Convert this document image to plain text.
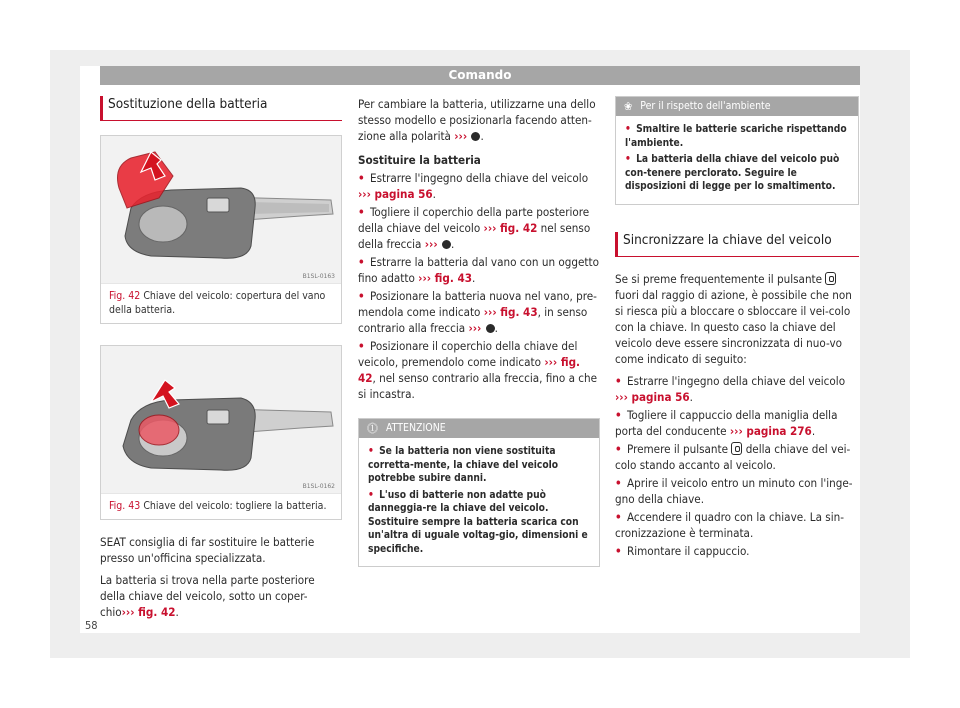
Comando
Sostituzione della batteria
B1SL-0163
Fig. 42 Chiave del veicolo: copertura del vano della batteria.
B1SL-0162
Fig. 43 Chiave del veicolo: togliere la batteria.

SEAT consiglia di far sostituire le batterie presso un'officina specializzata.

La batteria si trova nella parte posteriore della chiave del veicolo, sotto un coper-chio››› fig. 42.

Per cambiare la batteria, utilizzarne una dello stesso modello e posizionarla facendo atten-zione alla polarità ››› .

Sostituire la batteria

• Estrarre l'ingegno della chiave del veicolo ››› pagina 56.

• Togliere il coperchio della parte posteriore della chiave del veicolo ››› fig. 42 nel senso della freccia ››› .

• Estrarre la batteria dal vano con un oggetto fino adatto ››› fig. 43.

• Posizionare la batteria nuova nel vano, pre-mendola come indicato ››› fig. 43, in senso contrario alla freccia ››› .

• Posizionare il coperchio della chiave del veicolo, premendolo come indicato ››› fig. 42, nel senso contrario alla freccia, fino a che si incastra.

⓵ ATTENZIONE
• Se la batteria non viene sostituita corretta-mente, la chiave del veicolo potrebbe subire danni.
• L'uso di batterie non adatte può danneggia-re la chiave del veicolo. Sostituire sempre la batteria scarica con un'altra di uguale voltag-gio, dimensioni e specifiche.
❀ Per il rispetto dell'ambiente
• Smaltire le batterie scariche rispettando l'ambiente.
• La batteria della chiave del veicolo può con-tenere perclorato. Seguire le disposizioni di legge per lo smaltimento.
Sincronizzare la chiave del veicolo

Se si preme frequentemente il pulsante  fuori dal raggio di azione, è possibile che non si riesca più a bloccare o sbloccare il vei-colo con la chiave. In questo caso la chiave del veicolo deve essere sincronizzata di nuo-vo come indicato di seguito:

• Estrarre l'ingegno della chiave del veicolo ››› pagina 56.

• Togliere il cappuccio della maniglia della porta del conducente ››› pagina 276.

• Premere il pulsante della chiave del vei-colo stando accanto al veicolo.

• Aprire il veicolo entro un minuto con l'inge-gno della chiave.

• Accendere il quadro con la chiave. La sin-cronizzazione è terminata.

• Rimontare il cappuccio.

58
